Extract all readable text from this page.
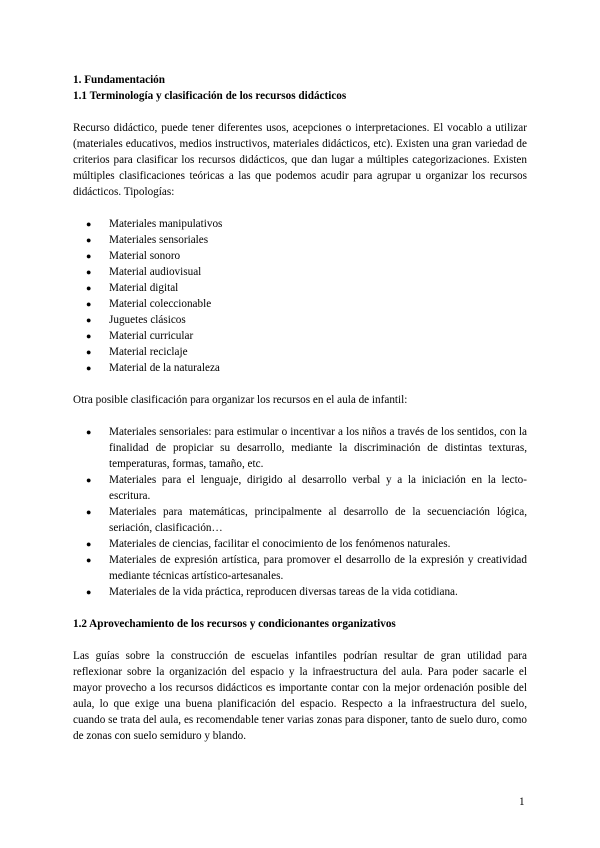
1. Fundamentación

1.1 Terminología y clasificación de los recursos didácticos

Recurso didáctico, puede tener diferentes usos, acepciones o interpretaciones. El vocablo a utilizar (materiales educativos, medios instructivos, materiales didácticos, etc). Existen una gran variedad de criterios para clasificar los recursos didácticos, que dan lugar a múltiples categorizaciones. Existen múltiples clasificaciones teóricas a las que podemos acudir para agrupar u organizar los recursos didácticos. Tipologías:

● Materiales manipulativos
● Materiales sensoriales
● Material sonoro
● Material audiovisual
● Material digital
● Material coleccionable
● Juguetes clásicos
● Material curricular
● Material reciclaje
● Material de la naturaleza

Otra posible clasificación para organizar los recursos en el aula de infantil:

● Materiales sensoriales: para estimular o incentivar a los niños a través de los sentidos, con la finalidad de propiciar su desarrollo, mediante la discriminación de distintas texturas, temperaturas, formas, tamaño, etc.
● Materiales para el lenguaje, dirigido al desarrollo verbal y a la iniciación en la lecto-escritura.
● Materiales para matemáticas, principalmente al desarrollo de la secuenciación lógica, seriación, clasificación…
● Materiales de ciencias, facilitar el conocimiento de los fenómenos naturales.
● Materiales de expresión artística, para promover el desarrollo de la expresión y creatividad mediante técnicas artístico-artesanales.
● Materiales de la vida práctica, reproducen diversas tareas de la vida cotidiana.

1.2 Aprovechamiento de los recursos y condicionantes organizativos

Las guías sobre la construcción de escuelas infantiles podrían resultar de gran utilidad para reflexionar sobre la organización del espacio y la infraestructura del aula. Para poder sacarle el mayor provecho a los recursos didácticos es importante contar con la mejor ordenación posible del aula, lo que exige una buena planificación del espacio. Respecto a la infraestructura del suelo, cuando se trata del aula, es recomendable tener varias zonas para disponer, tanto de suelo duro, como de zonas con suelo semiduro y blando.

1
